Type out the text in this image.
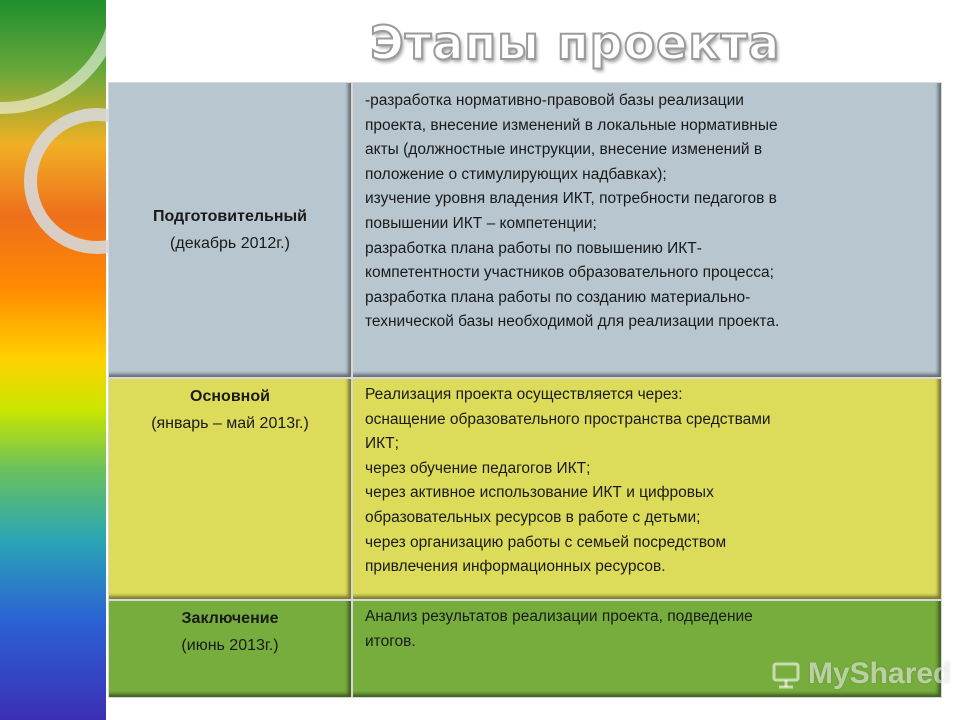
Этапы проекта
Подготовительный
(декабрь 2012г.)
-разработка нормативно-правовой базы реализации
проекта, внесение изменений в локальные нормативные
акты (должностные инструкции, внесение изменений в
положение о стимулирующих надбавках);
изучение уровня владения ИКТ, потребности педагогов в
повышении ИКТ – компетенции;
разработка плана работы по повышению ИКТ-
компетентности участников образовательного процесса;
разработка плана работы по созданию материально-
технической базы необходимой для реализации проекта.
Основной
(январь – май 2013г.)
Реализация проекта осуществляется через:
оснащение образовательного пространства средствами
ИКТ;
через обучение педагогов ИКТ;
через активное использование ИКТ и цифровых
образовательных ресурсов в работе с детьми;
через организацию работы с семьей посредством
привлечения информационных ресурсов.
Заключение
(июнь 2013г.)
Анализ результатов реализации проекта, подведение
итогов.
MyShared
